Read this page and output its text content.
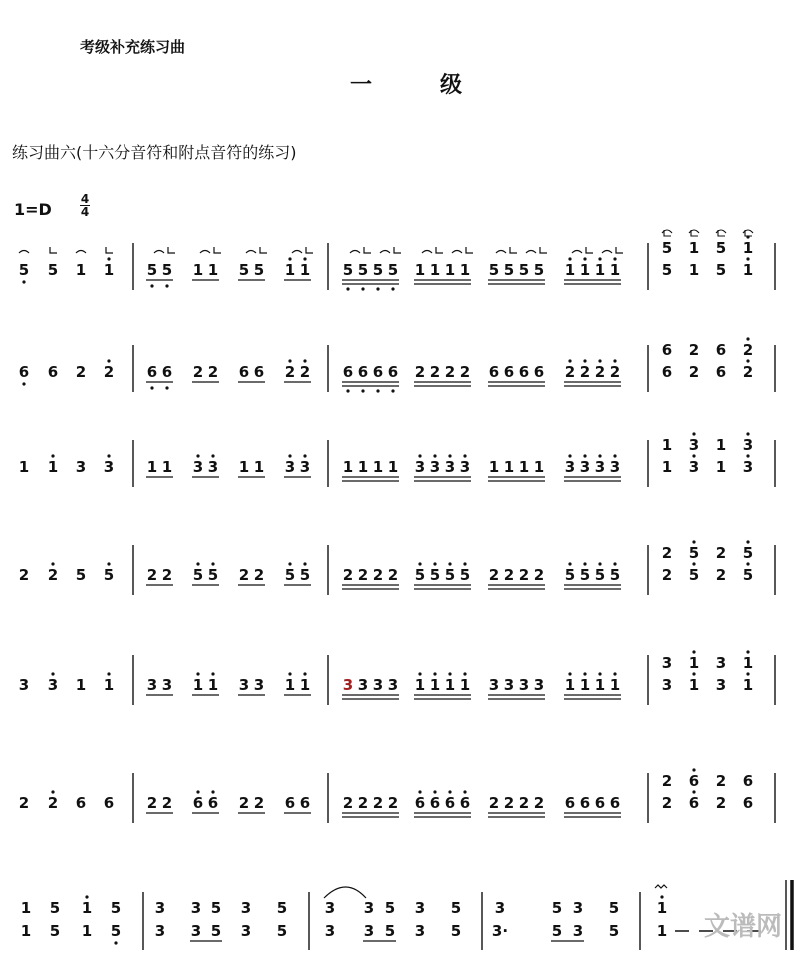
考级补充练习曲
一级
练习曲六(十六分音符和附点音符的练习)
1=D
4
4
5 5 1 1 5 5 1 1 5 5 1 1 5 5 5 5 1 1 1 1 5 5 5 5 1 1 1 1
5
5
1
1
5
5
1
1
6 6 2 2 6 6 2 2 6 6 2 2 6 6 6 6 2 2 2 2 6 6 6 6 2 2 2 2
6
6
2
2
6
6
2
2
1 1 3 3 1 1 3 3 1 1 3 3 1 1 1 1 3 3 3 3 1 1 1 1 3 3 3 3
1
1
3
3
1
1
3
3
2 2 5 5 2 2 5 5 2 2 5 5 2 2 2 2 5 5 5 5 2 2 2 2 5 5 5 5
2
2
5
5
2
2
5
5
3 3 1 1 3 3 1 1 3 3 1 1 3 3 3 3 1 1 1 1 3 3 3 3 1 1 1 1
3
3
1
1
3
3
1
1
2 2 6 6 2 2 6 6 2 2 6 6 2 2 2 2 6 6 6 6 2 2 2 2 6 6 6 6
2
2
6
6
2
2
6
6
1 5 1 5
1 5 1 5
3 3 5 3 5
3 3 5 3 5
3 3 5 3 5
3 3 5 3 5
3	5 3 5
3·	5 3 5
1
1 文谱网
